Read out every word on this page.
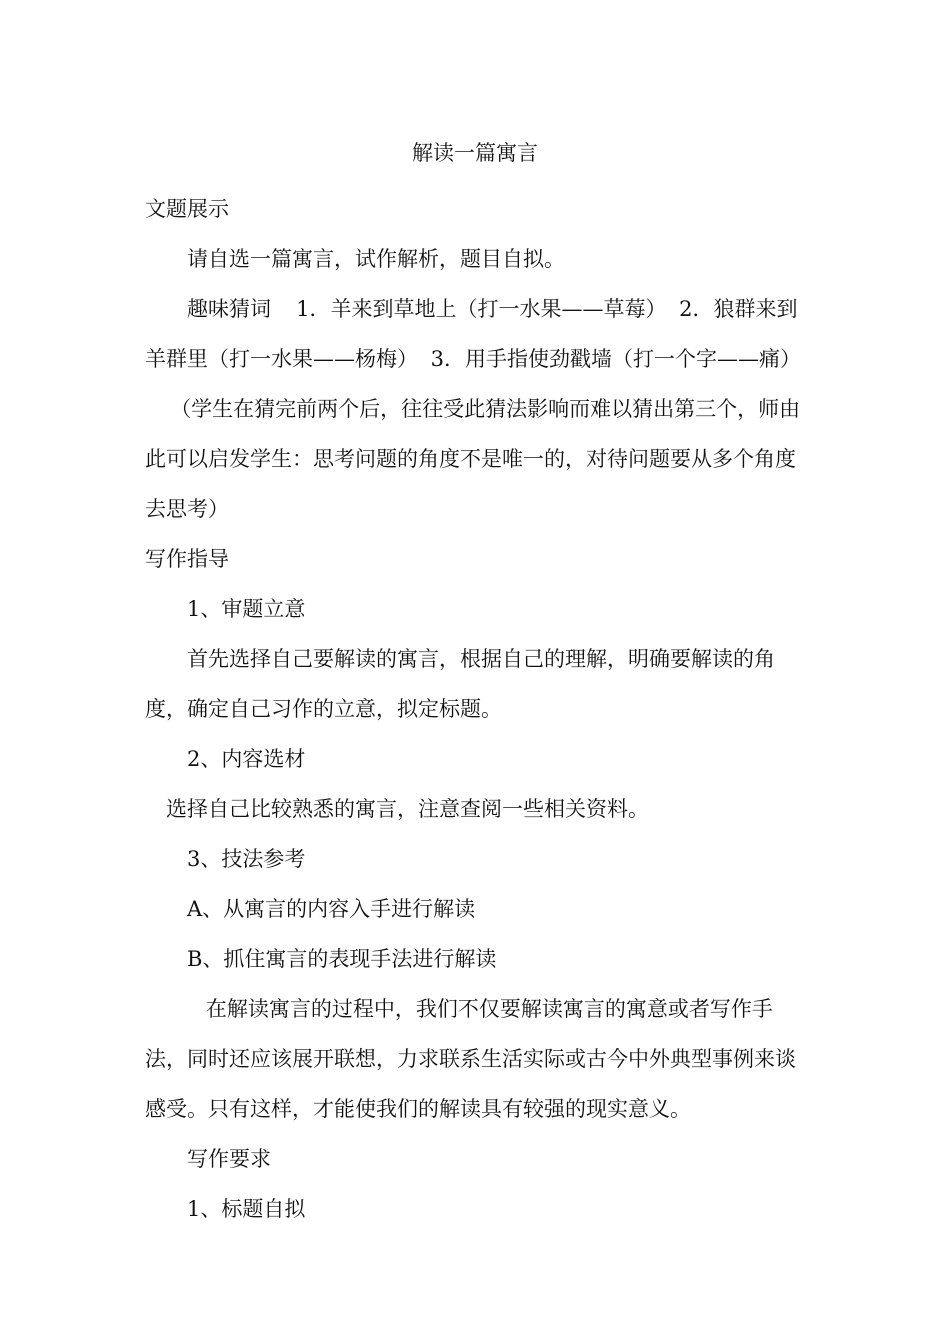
解读一篇寓言

文题展示

请自选一篇寓言，试作解析，题目自拟。

趣味猜词 1．羊来到草地上（打一水果——草莓） 2．狼群来到羊群里（打一水果——杨梅） 3．用手指使劲戳墙（打一个字——痛）（学生在猜完前两个后，往往受此猜法影响而难以猜出第三个，师由此可以启发学生：思考问题的角度不是唯一的，对待问题要从多个角度去思考）

写作指导

1、审题立意

首先选择自己要解读的寓言，根据自己的理解，明确要解读的角度，确定自己习作的立意，拟定标题。

2、内容选材

选择自己比较熟悉的寓言，注意查阅一些相关资料。

3、技法参考

A、从寓言的内容入手进行解读

B、抓住寓言的表现手法进行解读

在解读寓言的过程中，我们不仅要解读寓言的寓意或者写作手法，同时还应该展开联想，力求联系生活实际或古今中外典型事例来谈感受。只有这样，才能使我们的解读具有较强的现实意义。

写作要求

1、标题自拟
